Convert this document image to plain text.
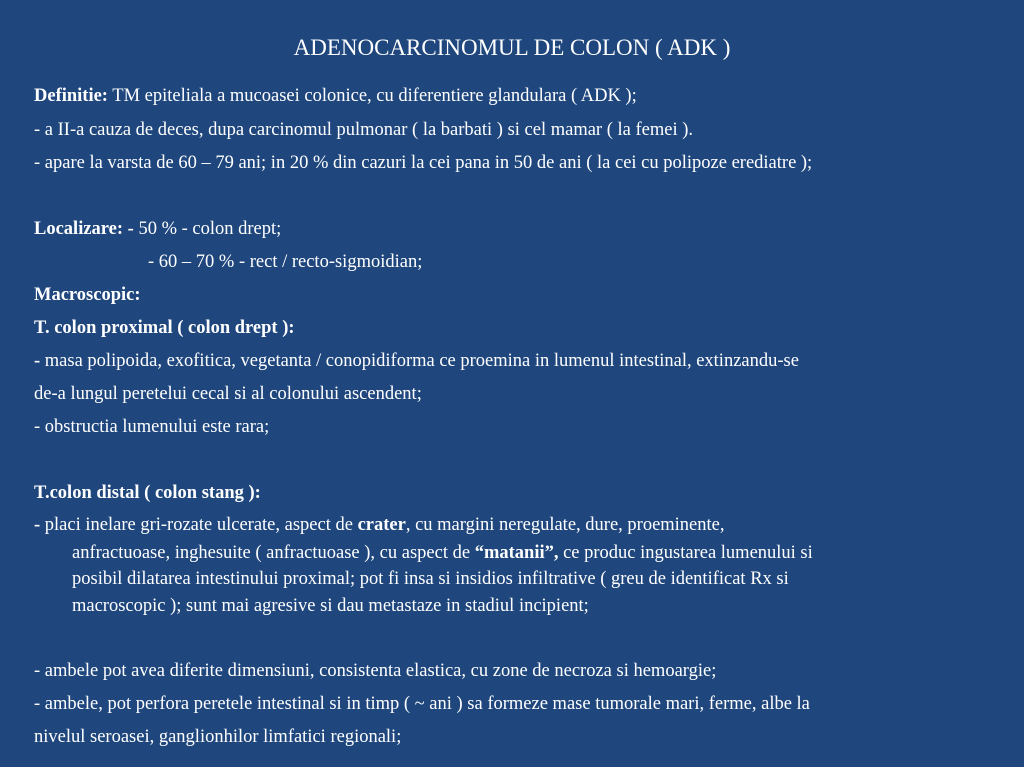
ADENOCARCINOMUL DE COLON ( ADK )
Definitie: TM epiteliala a mucoasei colonice, cu diferentiere glandulara ( ADK );
- a II-a cauza de deces, dupa carcinomul pulmonar ( la barbati ) si cel mamar ( la femei ).
- apare la varsta de 60 – 79 ani; in 20 % din cazuri la cei pana in 50 de ani ( la cei cu polipoze erediatre );
Localizare: - 50 % - colon drept;
- 60 – 70 % - rect / recto-sigmoidian;
Macroscopic:
T. colon proximal ( colon drept ):
- masa polipoida, exofitica, vegetanta / conopidiforma ce proemina in lumenul intestinal, extinzandu-se
de-a lungul peretelui cecal si al colonului ascendent;
- obstructia lumenului este rara;
T.colon distal ( colon stang ):
- placi inelare gri-rozate ulcerate, aspect de crater, cu margini neregulate, dure, proeminente,
anfractuoase, inghesuite ( anfractuoase ), cu aspect de “matanii”, ce produc ingustarea lumenului si
posibil dilatarea intestinului proximal; pot fi insa si insidios infiltrative ( greu de identificat Rx si
macroscopic ); sunt mai agresive si dau metastaze in stadiul incipient;
- ambele pot avea diferite dimensiuni, consistenta elastica, cu zone de necroza si hemoargie;
- ambele, pot perfora peretele intestinal si in timp ( ~ ani ) sa formeze mase tumorale mari, ferme, albe la
nivelul seroasei, ganglionhilor limfatici regionali;
